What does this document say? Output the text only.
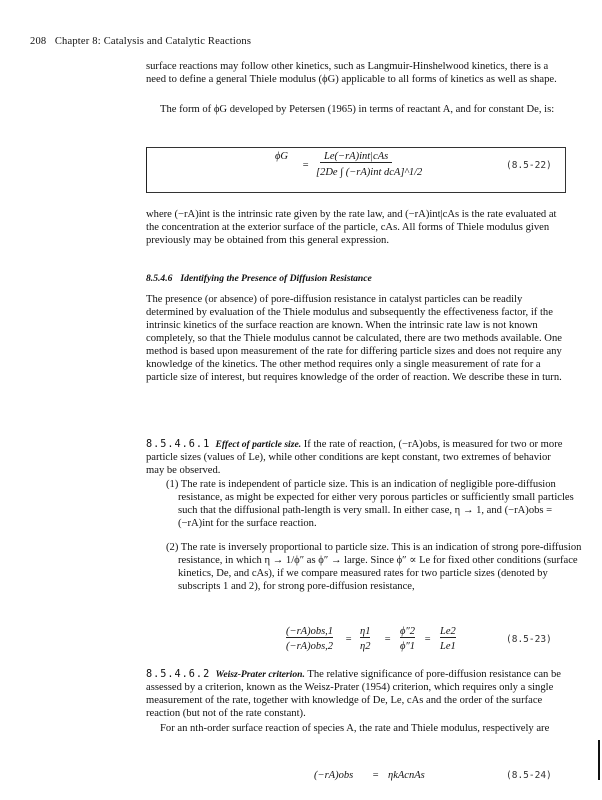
208 Chapter 8: Catalysis and Catalytic Reactions
surface reactions may follow other kinetics, such as Langmuir-Hinshelwood kinetics, there is a need to define a general Thiele modulus (ϕG) applicable to all forms of kinetics as well as shape.
The form of ϕG developed by Petersen (1965) in terms of reactant A, and for constant De, is:
ϕG
=
Le(−rA)int|cAs
[2De ∫ (−rA)int dcA]^1/2
(8.5-22)
where (−rA)int is the intrinsic rate given by the rate law, and (−rA)int|cAs is the rate evaluated at the concentration at the exterior surface of the particle, cAs. All forms of Thiele modulus given previously may be obtained from this general expression.
8.5.4.6 Identifying the Presence of Diffusion Resistance
The presence (or absence) of pore-diffusion resistance in catalyst particles can be readily determined by evaluation of the Thiele modulus and subsequently the effectiveness factor, if the intrinsic kinetics of the surface reaction are known. When the intrinsic rate law is not known completely, so that the Thiele modulus cannot be calculated, there are two methods available. One method is based upon measurement of the rate for differing particle sizes and does not require any knowledge of the kinetics. The other method requires only a single measurement of rate for a particle size of interest, but requires knowledge of the order of reaction. We describe these in turn.
8.5.4.6.1 Effect of particle size. If the rate of reaction, (−rA)obs, is measured for two or more particle sizes (values of Le), while other conditions are kept constant, two extremes of behavior may be observed.
(1) The rate is independent of particle size. This is an indication of negligible pore-diffusion resistance, as might be expected for either very porous particles or sufficiently small particles such that the diffusional path-length is very small. In either case, η → 1, and (−rA)obs = (−rA)int for the surface reaction.
(2) The rate is inversely proportional to particle size. This is an indication of strong pore-diffusion resistance, in which η → 1/ϕ″ as ϕ″ → large. Since ϕ″ ∝ Le for fixed other conditions (surface kinetics, De, and cAs), if we compare measured rates for two particle sizes (denoted by subscripts 1 and 2), for strong pore-diffusion resistance,
(−rA)obs,1
(−rA)obs,2
=
η1
η2
=
ϕ″2
ϕ″1
=
Le2
Le1
(8.5-23)
8.5.4.6.2 Weisz-Prater criterion. The relative significance of pore-diffusion resistance can be assessed by a criterion, known as the Weisz-Prater (1954) criterion, which requires only a single measurement of the rate, together with knowledge of De, Le, cAs and the order of the surface reaction (but not of the rate constant).
For an nth-order surface reaction of species A, the rate and Thiele modulus, respectively are
(−rA)obs = ηkAcnAs	(8.5-24)
